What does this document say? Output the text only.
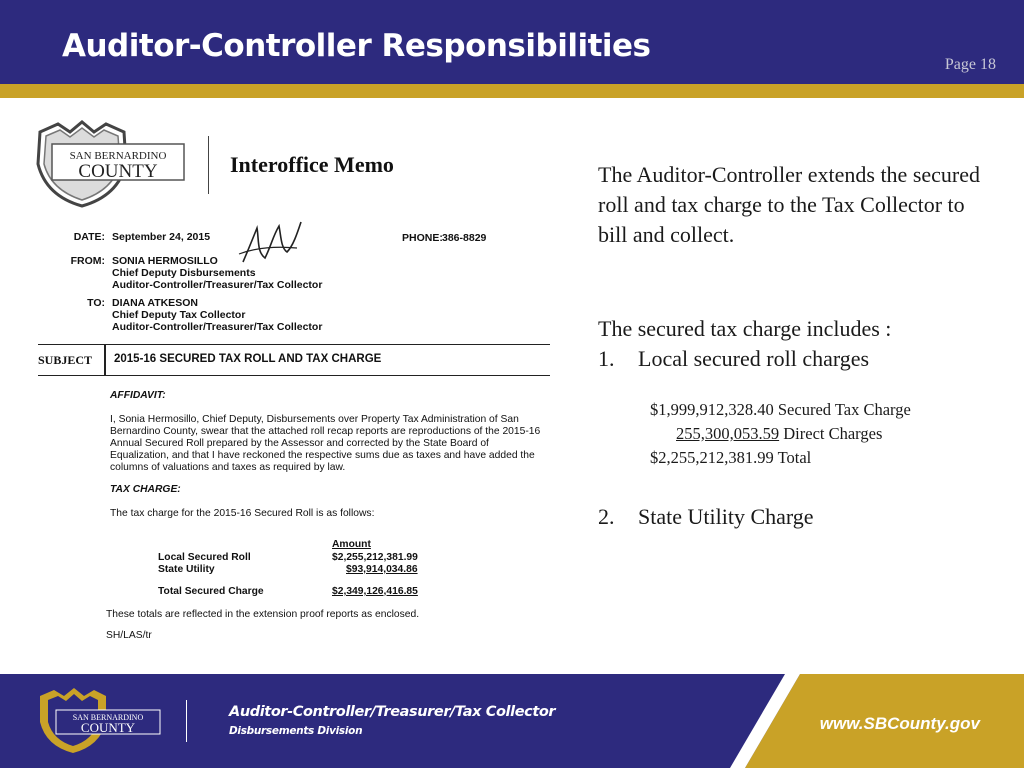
Auditor-Controller Responsibilities
Page 18
SAN BERNARDINO
COUNTY	Interoffice Memo
DATE: September 24, 2015	PHONE: 386-8829
FROM: SONIA HERMOSILLO
Chief Deputy Disbursements
Auditor-Controller/Treasurer/Tax Collector
TO: DIANA ATKESON
Chief Deputy Tax Collector
Auditor-Controller/Treasurer/Tax Collector
SUBJECT	2015-16 SECURED TAX ROLL AND TAX CHARGE
AFFIDAVIT:
I, Sonia Hermosillo, Chief Deputy, Disbursements over Property Tax Administration of San
Bernardino County, swear that the attached roll recap reports are reproductions of the 2015-16
Annual Secured Roll prepared by the Assessor and corrected by the State Board of
Equalization, and that I have reckoned the respective sums due as taxes and have added the
columns of valuations and taxes as required by law.
TAX CHARGE:
The tax charge for the 2015-16 Secured Roll is as follows:
Amount
Local Secured Roll	$2,255,212,381.99
State Utility	$93,914,034.86
Total Secured Charge	$2,349,126,416.85
These totals are reflected in the extension proof reports as enclosed.
SH/LAS/tr
The Auditor-Controller extends the secured roll and tax charge to the Tax Collector to bill and collect.
The secured tax charge includes :
1. Local secured roll charges
$1,999,912,328.40 Secured Tax Charge
255,300,053.59 Direct Charges
$2,255,212,381.99 Total
2. State Utility Charge
SAN BERNARDINO
COUNTY
Auditor-Controller/Treasurer/Tax Collector
Disbursements Division	www.SBCounty.gov
